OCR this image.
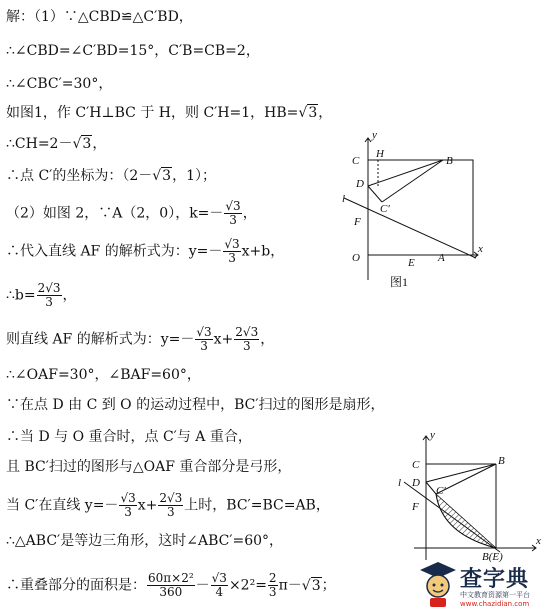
解：（1）∵△CBD≌△C′BD，
∴∠CBD=∠C′BD=15°，C′B=CB=2，
∴∠CBC′=30°，
如图1，作 C′H⊥BC 于 H，则 C′H=1，HB=√3，
∴CH=2－√3，
∴点 C′的坐标为：（2－√3，1）；
（2）如图 2，∵A（2，0），$k=- \frac{√3}{3}$ ，
∴代入直线 AF 的解析式为：$y=- \frac{√3}{3} x+b$，
∴b= $\frac{2√3}{3}$ ，
则直线 AF 的解析式为：$y=- \frac{√3}{3} x+ \frac{2√3}{3}$ ，
∴∠OAF=30°，∠BAF=60°，
∵在点 D 由 C 到 O 的运动过程中，BC′扫过的图形是扇形，
∴当 D 与 O 重合时，点 C′与 A 重合，
且 BC′扫过的图形与△OAF 重合部分是弓形，
当 C′在直线 $y=- \frac{√3}{3} x+ \frac{2√3}{3}$ 上时，BC′=BC=AB，
∴△ABC′是等边三角形，这时∠ABC′=60°，
∴重叠部分的面积是： $\frac{\text{60π×2²}}{360} - \frac{√3}{4} \times 2^2= \frac{2}{3} \pi-√3$；
y
x
C
H
B
D
C′
l
F
O	E A
图1
y
x
C	B
D
l
C′
F
B(E)
查字典
中文教育资源第一平台
www.chazidian.com
